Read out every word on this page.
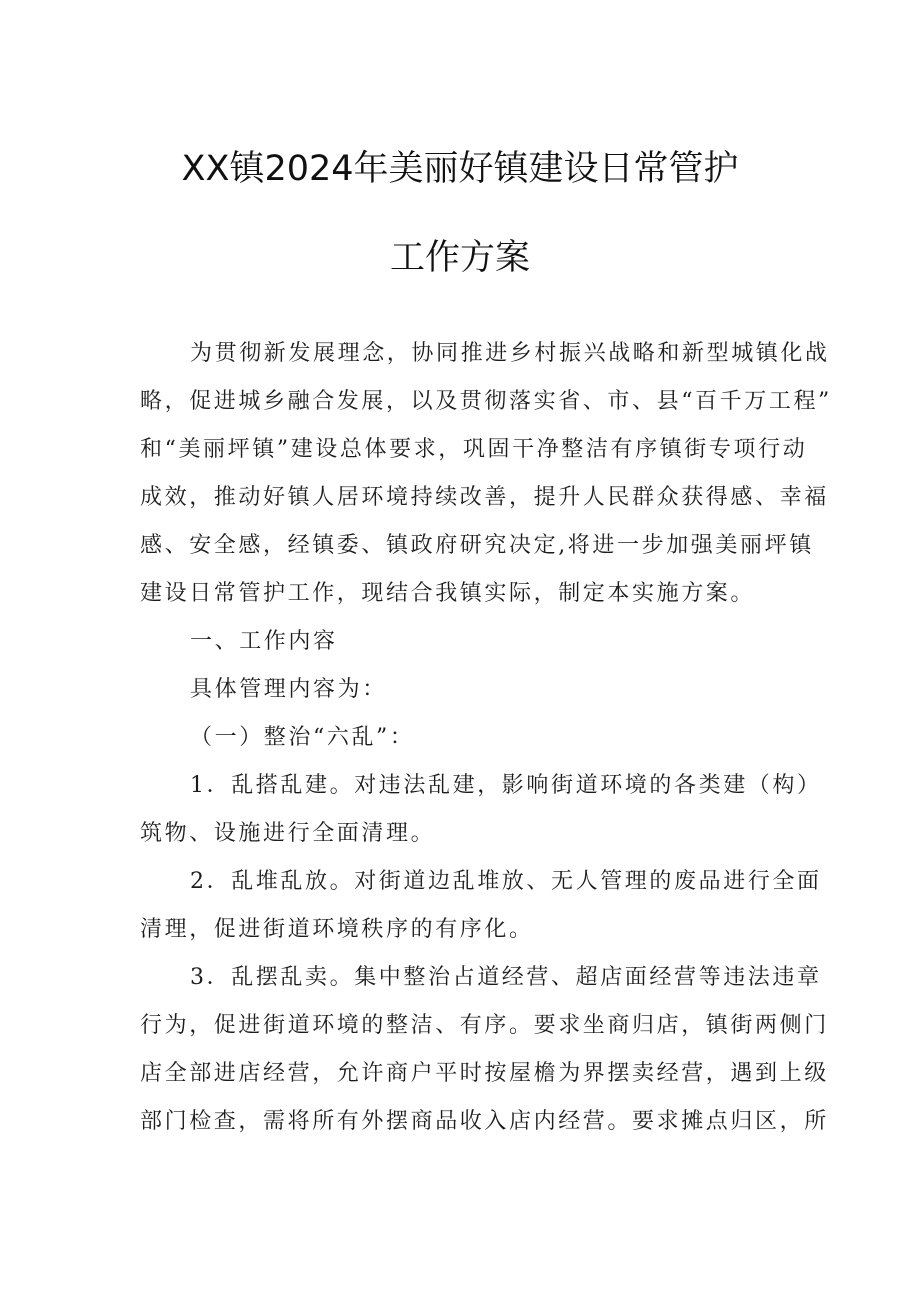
XX镇2024年美丽好镇建设日常管护
工作方案

为贯彻新发展理念，协同推进乡村振兴战略和新型城镇化战
略，促进城乡融合发展，以及贯彻落实省、市、县“百千万工程”
和“美丽坪镇”建设总体要求，巩固干净整洁有序镇街专项行动
成效，推动好镇人居环境持续改善，提升人民群众获得感、幸福
感、安全感，经镇委、镇政府研究决定,将进一步加强美丽坪镇
建设日常管护工作，现结合我镇实际，制定本实施方案。

一、工作内容

具体管理内容为：

（一）整治“六乱”：

1．乱搭乱建。对违法乱建，影响街道环境的各类建（构）
筑物、设施进行全面清理。

2．乱堆乱放。对街道边乱堆放、无人管理的废品进行全面
清理，促进街道环境秩序的有序化。

3．乱摆乱卖。集中整治占道经营、超店面经营等违法违章
行为，促进街道环境的整洁、有序。要求坐商归店，镇街两侧门
店全部进店经营，允许商户平时按屋檐为界摆卖经营，遇到上级
部门检查，需将所有外摆商品收入店内经营。要求摊点归区，所
